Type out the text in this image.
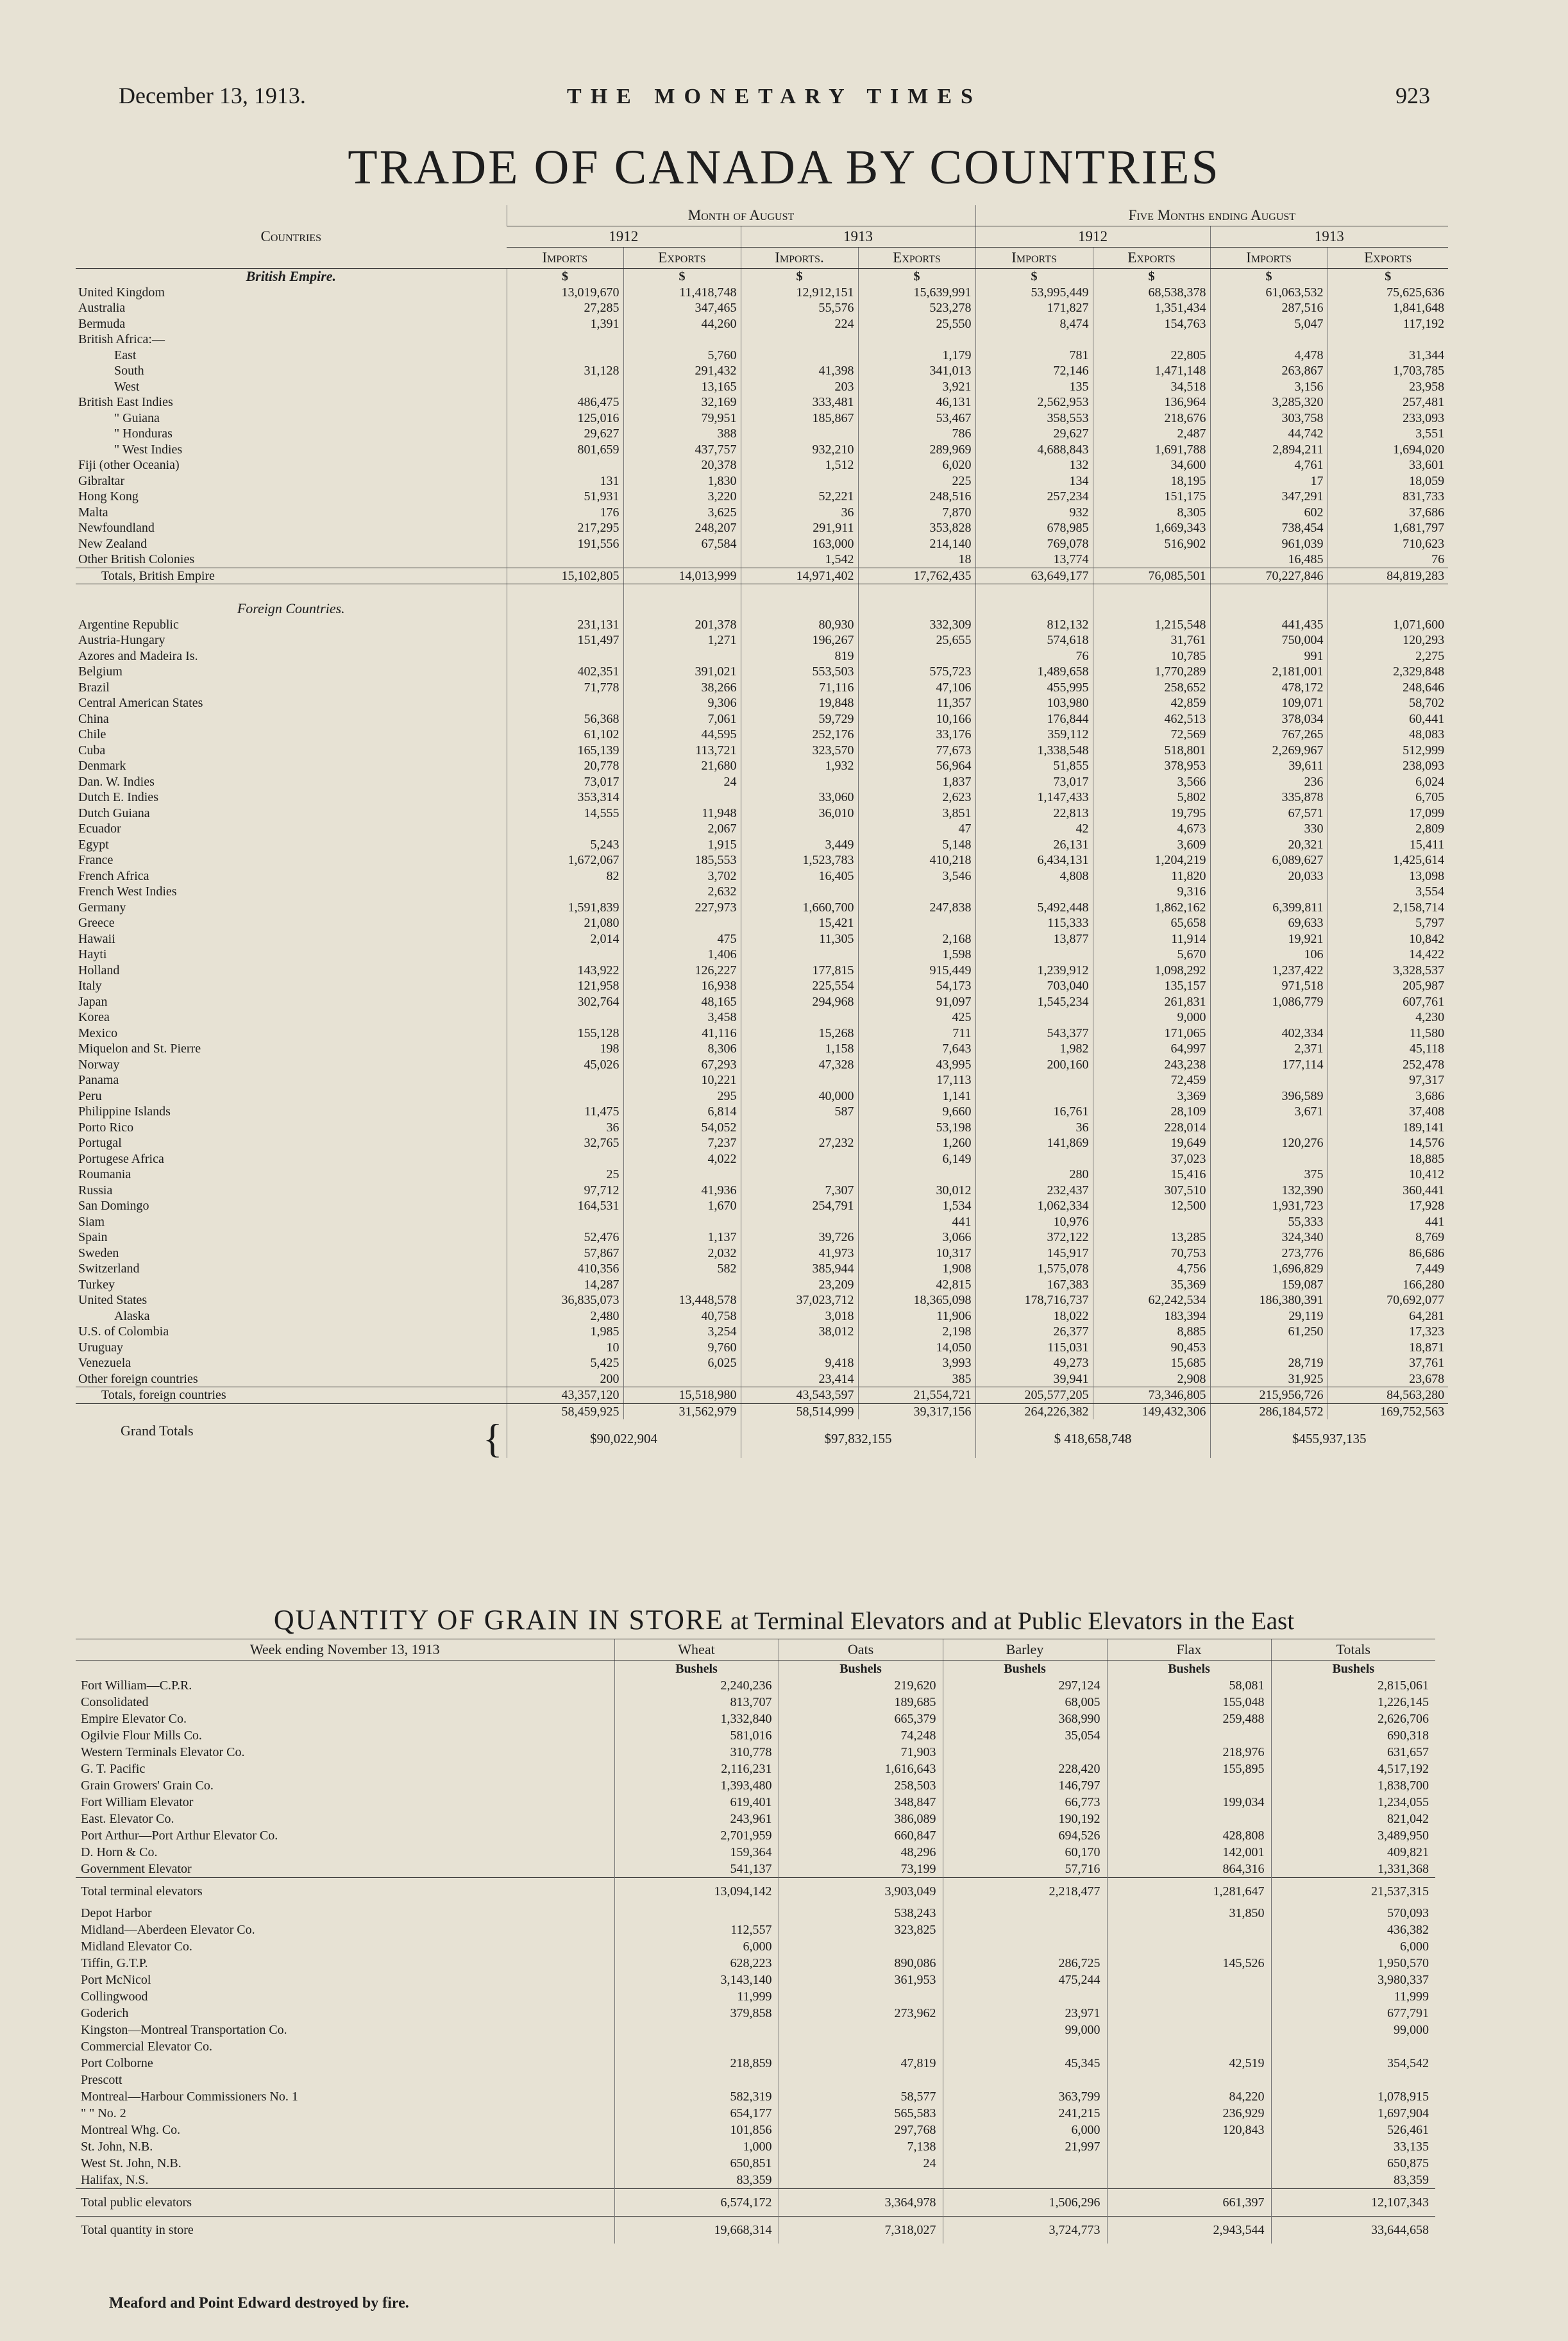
December 13, 1913.	THE MONETARY TIMES	923
TRADE OF CANADA BY COUNTRIES
Countries	Month of August				Five Months ending August			
	1912		1913		1912		1913	
	Imports	Exports	Imports.	Exports	Imports	Exports	Imports	Exports
British Empire.	$	$	$	$	$	$	$	$
United Kingdom	13,019,670	11,418,748	12,912,151	15,639,991	53,995,449	68,538,378	61,063,532	75,625,636
Australia	27,285	347,465	55,576	523,278	171,827	1,351,434	287,516	1,841,648
Bermuda	1,391	44,260	224	25,550	8,474	154,763	5,047	117,192
British Africa:—								
East		5,760		1,179	781	22,805	4,478	31,344
South	31,128	291,432	41,398	341,013	72,146	1,471,148	263,867	1,703,785
West		13,165	203	3,921	135	34,518	3,156	23,958
British East Indies	486,475	32,169	333,481	46,131	2,562,953	136,964	3,285,320	257,481
" Guiana	125,016	79,951	185,867	53,467	358,553	218,676	303,758	233,093
" Honduras	29,627	388		786	29,627	2,487	44,742	3,551
" West Indies	801,659	437,757	932,210	289,969	4,688,843	1,691,788	2,894,211	1,694,020
Fiji (other Oceania)		20,378	1,512	6,020	132	34,600	4,761	33,601
Gibraltar	131	1,830		225	134	18,195	17	18,059
Hong Kong	51,931	3,220	52,221	248,516	257,234	151,175	347,291	831,733
Malta	176	3,625	36	7,870	932	8,305	602	37,686
Newfoundland	217,295	248,207	291,911	353,828	678,985	1,669,343	738,454	1,681,797
New Zealand	191,556	67,584	163,000	214,140	769,078	516,902	961,039	710,623
Other British Colonies			1,542	18	13,774		16,485	76
Totals, British Empire	15,102,805	14,013,999	14,971,402	17,762,435	63,649,177	76,085,501	70,227,846	84,819,283

Foreign Countries.								
Argentine Republic	231,131	201,378	80,930	332,309	812,132	1,215,548	441,435	1,071,600
Austria-Hungary	151,497	1,271	196,267	25,655	574,618	31,761	750,004	120,293
Azores and Madeira Is.			819		76	10,785	991	2,275
Belgium	402,351	391,021	553,503	575,723	1,489,658	1,770,289	2,181,001	2,329,848
Brazil	71,778	38,266	71,116	47,106	455,995	258,652	478,172	248,646
Central American States		9,306	19,848	11,357	103,980	42,859	109,071	58,702
China	56,368	7,061	59,729	10,166	176,844	462,513	378,034	60,441
Chile	61,102	44,595	252,176	33,176	359,112	72,569	767,265	48,083
Cuba	165,139	113,721	323,570	77,673	1,338,548	518,801	2,269,967	512,999
Denmark	20,778	21,680	1,932	56,964	51,855	378,953	39,611	238,093
Dan. W. Indies	73,017	24		1,837	73,017	3,566	236	6,024
Dutch E. Indies	353,314		33,060	2,623	1,147,433	5,802	335,878	6,705
Dutch Guiana	14,555	11,948	36,010	3,851	22,813	19,795	67,571	17,099
Ecuador		2,067		47	42	4,673	330	2,809
Egypt	5,243	1,915	3,449	5,148	26,131	3,609	20,321	15,411
France	1,672,067	185,553	1,523,783	410,218	6,434,131	1,204,219	6,089,627	1,425,614
French Africa	82	3,702	16,405	3,546	4,808	11,820	20,033	13,098
French West Indies		2,632				9,316		3,554
Germany	1,591,839	227,973	1,660,700	247,838	5,492,448	1,862,162	6,399,811	2,158,714
Greece	21,080		15,421		115,333	65,658	69,633	5,797
Hawaii	2,014	475	11,305	2,168	13,877	11,914	19,921	10,842
Hayti		1,406		1,598		5,670	106	14,422
Holland	143,922	126,227	177,815	915,449	1,239,912	1,098,292	1,237,422	3,328,537
Italy	121,958	16,938	225,554	54,173	703,040	135,157	971,518	205,987
Japan	302,764	48,165	294,968	91,097	1,545,234	261,831	1,086,779	607,761
Korea		3,458		425		9,000		4,230
Mexico	155,128	41,116	15,268	711	543,377	171,065	402,334	11,580
Miquelon and St. Pierre	198	8,306	1,158	7,643	1,982	64,997	2,371	45,118
Norway	45,026	67,293	47,328	43,995	200,160	243,238	177,114	252,478
Panama		10,221		17,113		72,459		97,317
Peru		295	40,000	1,141		3,369	396,589	3,686
Philippine Islands	11,475	6,814	587	9,660	16,761	28,109	3,671	37,408
Porto Rico	36	54,052		53,198	36	228,014		189,141
Portugal	32,765	7,237	27,232	1,260	141,869	19,649	120,276	14,576
Portugese Africa		4,022		6,149		37,023		18,885
Roumania	25				280	15,416	375	10,412
Russia	97,712	41,936	7,307	30,012	232,437	307,510	132,390	360,441
San Domingo	164,531	1,670	254,791	1,534	1,062,334	12,500	1,931,723	17,928
Siam				441	10,976		55,333	441
Spain	52,476	1,137	39,726	3,066	372,122	13,285	324,340	8,769
Sweden	57,867	2,032	41,973	10,317	145,917	70,753	273,776	86,686
Switzerland	410,356	582	385,944	1,908	1,575,078	4,756	1,696,829	7,449
Turkey	14,287		23,209	42,815	167,383	35,369	159,087	166,280
United States	36,835,073	13,448,578	37,023,712	18,365,098	178,716,737	62,242,534	186,380,391	70,692,077
Alaska	2,480	40,758	3,018	11,906	18,022	183,394	29,119	64,281
U.S. of Colombia	1,985	3,254	38,012	2,198	26,377	8,885	61,250	17,323
Uruguay	10	9,760		14,050	115,031	90,453		18,871
Venezuela	5,425	6,025	9,418	3,993	49,273	15,685	28,719	37,761
Other foreign countries	200		23,414	385	39,941	2,908	31,925	23,678
Totals, foreign countries	43,357,120	15,518,980	43,543,597	21,554,721	205,577,205	73,346,805	215,956,726	84,563,280
	58,459,925	31,562,979	58,514,999	39,317,156	264,226,382	149,432,306	286,184,572	169,752,563
Grand Totals {	$90,022,904		$97,832,155		$ 418,658,748		$455,937,135	
QUANTITY OF GRAIN IN STORE at Terminal Elevators and at Public Elevators in the East
Week ending November 13, 1913	Wheat	Oats	Barley	Flax	Totals
	Bushels	Bushels	Bushels	Bushels	Bushels
Fort William—C.P.R.	2,240,236	219,620	297,124	58,081	2,815,061
Consolidated	813,707	189,685	68,005	155,048	1,226,145
Empire Elevator Co.	1,332,840	665,379	368,990	259,488	2,626,706
Ogilvie Flour Mills Co.	581,016	74,248	35,054		690,318
Western Terminals Elevator Co.	310,778	71,903		218,976	631,657
G. T. Pacific	2,116,231	1,616,643	228,420	155,895	4,517,192
Grain Growers' Grain Co.	1,393,480	258,503	146,797		1,838,700
Fort William Elevator	619,401	348,847	66,773	199,034	1,234,055
East. Elevator Co.	243,961	386,089	190,192		821,042
Port Arthur—Port Arthur Elevator Co.	2,701,959	660,847	694,526	428,808	3,489,950
D. Horn & Co.	159,364	48,296	60,170	142,001	409,821
Government Elevator	541,137	73,199	57,716	864,316	1,331,368
Total terminal elevators	13,094,142	3,903,049	2,218,477	1,281,647	21,537,315
Depot Harbor		538,243		31,850	570,093
Midland—Aberdeen Elevator Co.	112,557	323,825			436,382
Midland Elevator Co.	6,000				6,000
Tiffin, G.T.P.	628,223	890,086	286,725	145,526	1,950,570
Port McNicol	3,143,140	361,953	475,244		3,980,337
Collingwood	11,999				11,999
Goderich	379,858	273,962	23,971		677,791
Kingston—Montreal Transportation Co.			99,000		99,000
Commercial Elevator Co.					
Port Colborne	218,859	47,819	45,345	42,519	354,542
Prescott					
Montreal—Harbour Commissioners No. 1	582,319	58,577	363,799	84,220	1,078,915
" " No. 2	654,177	565,583	241,215	236,929	1,697,904
Montreal Whg. Co.	101,856	297,768	6,000	120,843	526,461
St. John, N.B.	1,000	7,138	21,997		33,135
West St. John, N.B.	650,851	24			650,875
Halifax, N.S.	83,359				83,359
Total public elevators	6,574,172	3,364,978	1,506,296	661,397	12,107,343
Total quantity in store	19,668,314	7,318,027	3,724,773	2,943,544	33,644,658
Meaford and Point Edward destroyed by fire.
